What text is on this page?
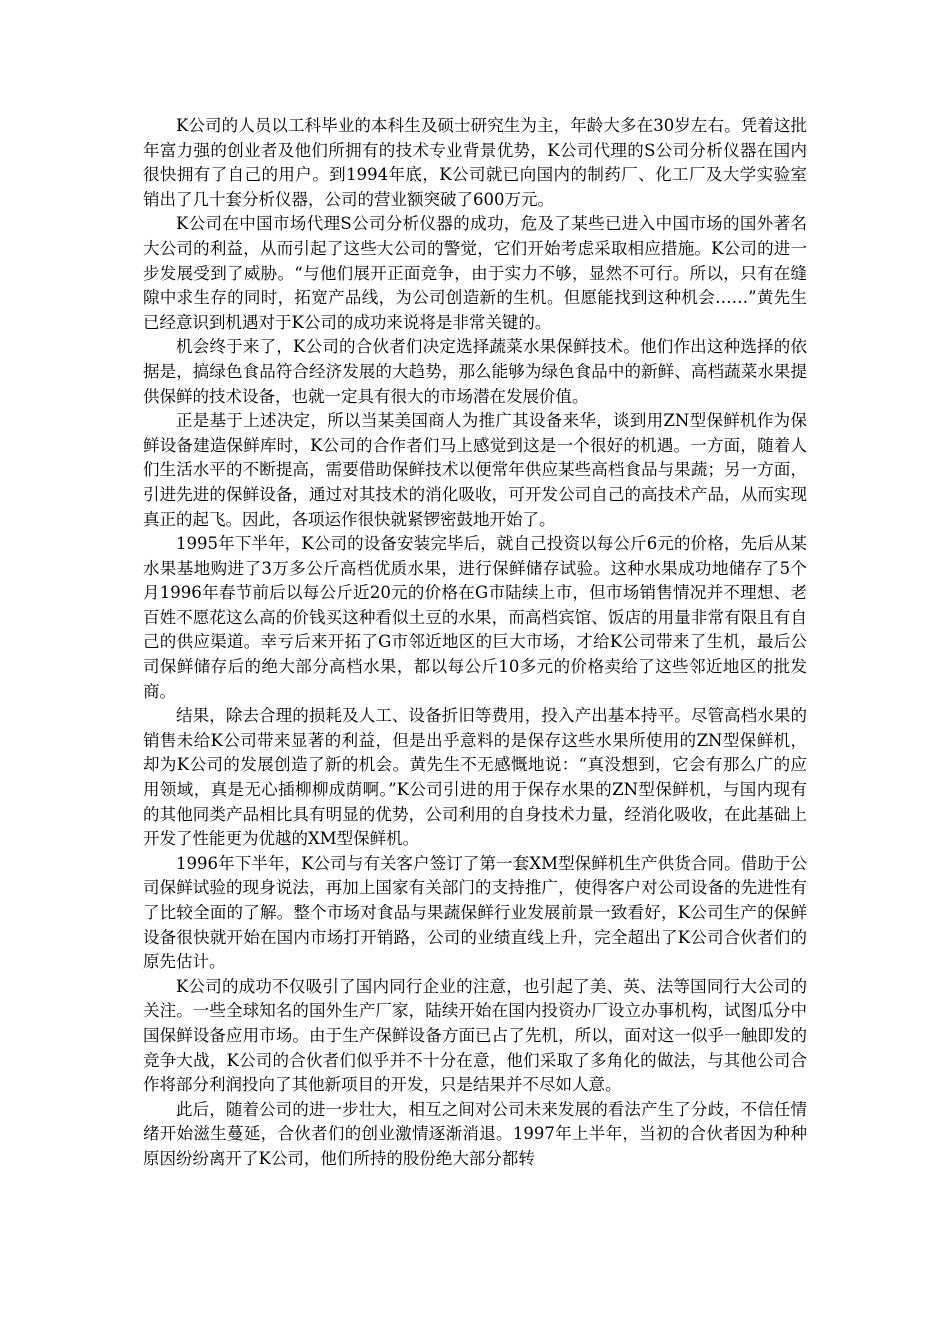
K公司的人员以工科毕业的本科生及硕士研究生为主，年龄大多在30岁左右。凭着这批年富力强的创业者及他们所拥有的技术专业背景优势，K公司代理的S公司分析仪器在国内很快拥有了自己的用户。到1994年底，K公司就已向国内的制药厂、化工厂及大学实验室销出了几十套分析仪器，公司的营业额突破了600万元。

K公司在中国市场代理S公司分析仪器的成功，危及了某些已进入中国市场的国外著名大公司的利益，从而引起了这些大公司的警觉，它们开始考虑采取相应措施。K公司的进一步发展受到了威胁。“与他们展开正面竞争，由于实力不够，显然不可行。所以，只有在缝隙中求生存的同时，拓宽产品线，为公司创造新的生机。但愿能找到这种机会……”黄先生已经意识到机遇对于K公司的成功来说将是非常关键的。

机会终于来了，K公司的合伙者们决定选择蔬菜水果保鲜技术。他们作出这种选择的依据是，搞绿色食品符合经济发展的大趋势，那么能够为绿色食品中的新鲜、高档蔬菜水果提供保鲜的技术设备，也就一定具有很大的市场潜在发展价值。

正是基于上述决定，所以当某美国商人为推广其设备来华，谈到用ZN型保鲜机作为保鲜设备建造保鲜库时，K公司的合作者们马上感觉到这是一个很好的机遇。一方面，随着人们生活水平的不断提高，需要借助保鲜技术以便常年供应某些高档食品与果蔬；另一方面，引进先进的保鲜设备，通过对其技术的消化吸收，可开发公司自己的高技术产品，从而实现真正的起飞。因此，各项运作很快就紧锣密鼓地开始了。

1995年下半年，K公司的设备安装完毕后，就自己投资以每公斤6元的价格，先后从某水果基地购进了3万多公斤高档优质水果，进行保鲜储存试验。这种水果成功地储存了5个月1996年春节前后以每公斤近20元的价格在G市陆续上市，但市场销售情况并不理想、老百姓不愿花这么高的价钱买这种看似土豆的水果，而高档宾馆、饭店的用量非常有限且有自己的供应渠道。幸亏后来开拓了G市邻近地区的巨大市场，才给K公司带来了生机，最后公司保鲜储存后的绝大部分高档水果，都以每公斤10多元的价格卖给了这些邻近地区的批发商。

结果，除去合理的损耗及人工、设备折旧等费用，投入产出基本持平。尽管高档水果的销售未给K公司带来显著的利益，但是出乎意料的是保存这些水果所使用的ZN型保鲜机，却为K公司的发展创造了新的机会。黄先生不无感慨地说：“真没想到，它会有那么广的应用领域，真是无心插柳柳成荫啊。”K公司引进的用于保存水果的ZN型保鲜机，与国内现有的其他同类产品相比具有明显的优势，公司利用的自身技术力量，经消化吸收，在此基础上开发了性能更为优越的XM型保鲜机。

1996年下半年，K公司与有关客户签订了第一套XM型保鲜机生产供货合同。借助于公司保鲜试验的现身说法，再加上国家有关部门的支持推广，使得客户对公司设备的先进性有了比较全面的了解。整个市场对食品与果蔬保鲜行业发展前景一致看好，K公司生产的保鲜设备很快就开始在国内市场打开销路，公司的业绩直线上升，完全超出了K公司合伙者们的原先估计。

K公司的成功不仅吸引了国内同行企业的注意，也引起了美、英、法等国同行大公司的关注。一些全球知名的国外生产厂家，陆续开始在国内投资办厂设立办事机构，试图瓜分中国保鲜设备应用市场。由于生产保鲜设备方面已占了先机，所以，面对这一似乎一触即发的竞争大战，K公司的合伙者们似乎并不十分在意，他们采取了多角化的做法，与其他公司合作将部分利润投向了其他新项目的开发，只是结果并不尽如人意。

此后，随着公司的进一步壮大，相互之间对公司未来发展的看法产生了分歧，不信任情绪开始滋生蔓延，合伙者们的创业激情逐渐消退。1997年上半年，当初的合伙者因为种种原因纷纷离开了K公司，他们所持的股份绝大部分都转
